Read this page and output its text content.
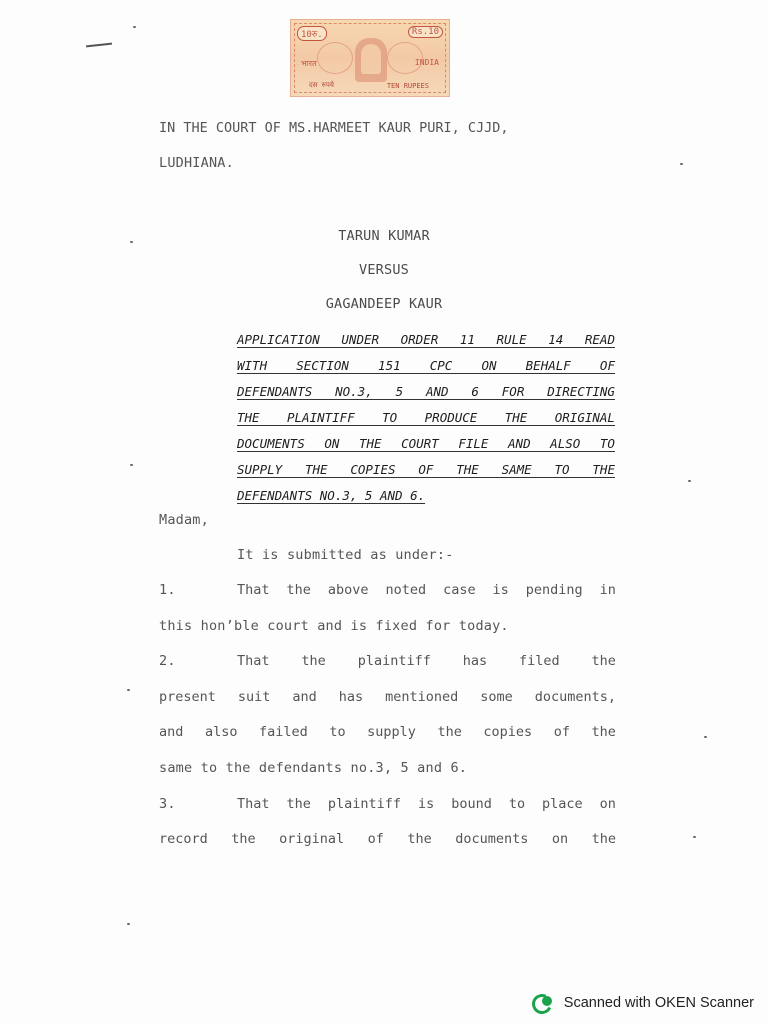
10रु.	Rs.10
भारत	INDIA
दस रुपये	TEN RUPEES
IN THE COURT OF MS.HARMEET KAUR PURI, CJJD,
LUDHIANA.
TARUN KUMAR
VERSUS
GAGANDEEP KAUR
APPLICATION UNDER ORDER 11 RULE 14 READ
WITH SECTION 151 CPC ON BEHALF OF
DEFENDANTS NO.3, 5 AND 6 FOR DIRECTING
THE PLAINTIFF TO PRODUCE THE ORIGINAL
DOCUMENTS ON THE COURT FILE AND ALSO TO
SUPPLY THE COPIES OF THE SAME TO THE
DEFENDANTS NO.3, 5 AND 6.
Madam,
It is submitted as under:-
1.	That the above noted case is pending in
this hon’ble court and is fixed for today.
2.	That the plaintiff has filed the
present suit and has mentioned some documents,
and also failed to supply the copies of the
same to the defendants no.3, 5 and 6.
3.	That the plaintiff is bound to place on
record the original of the documents on the
Scanned with OKEN Scanner
